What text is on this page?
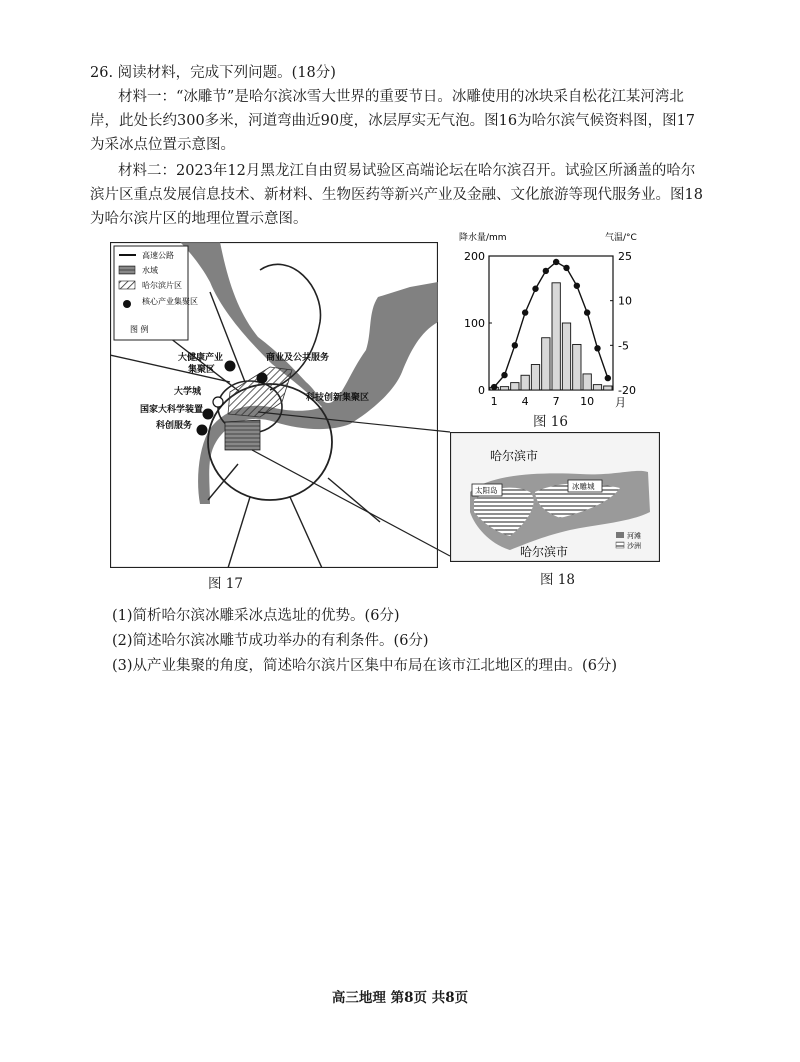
26. 阅读材料，完成下列问题。(18分)
材料一：“冰雕节”是哈尔滨冰雪大世界的重要节日。冰雕使用的冰块采自松花江某河湾北
岸，此处长约300多米，河道弯曲近90度，冰层厚实无气泡。图16为哈尔滨气候资料图，图17
为采冰点位置示意图。
材料二：2023年12月黑龙江自由贸易试验区高端论坛在哈尔滨召开。试验区所涵盖的哈尔
滨片区重点发展信息技术、新材料、生物医药等新兴产业及金融、文化旅游等现代服务业。图18
为哈尔滨片区的地理位置示意图。
大健康产业
集聚区
商业及公共服务
大学城
国家大科学装置
科创服务
科技创新集聚区
高速公路
水域
哈尔滨片区
核心产业集聚区
图 例
图 17
降水量/mm	气温/°C
0
100
200	25
10
-5
-20
1 4 7 10 月
图 16
哈尔滨市
太阳岛	冰雕城
哈尔滨市
河滩
沙洲
图 18
(1)简析哈尔滨冰雕采冰点选址的优势。(6分)
(2)简述哈尔滨冰雕节成功举办的有利条件。(6分)
(3)从产业集聚的角度，简述哈尔滨片区集中布局在该市江北地区的理由。(6分)
高三地理 第8页 共8页
